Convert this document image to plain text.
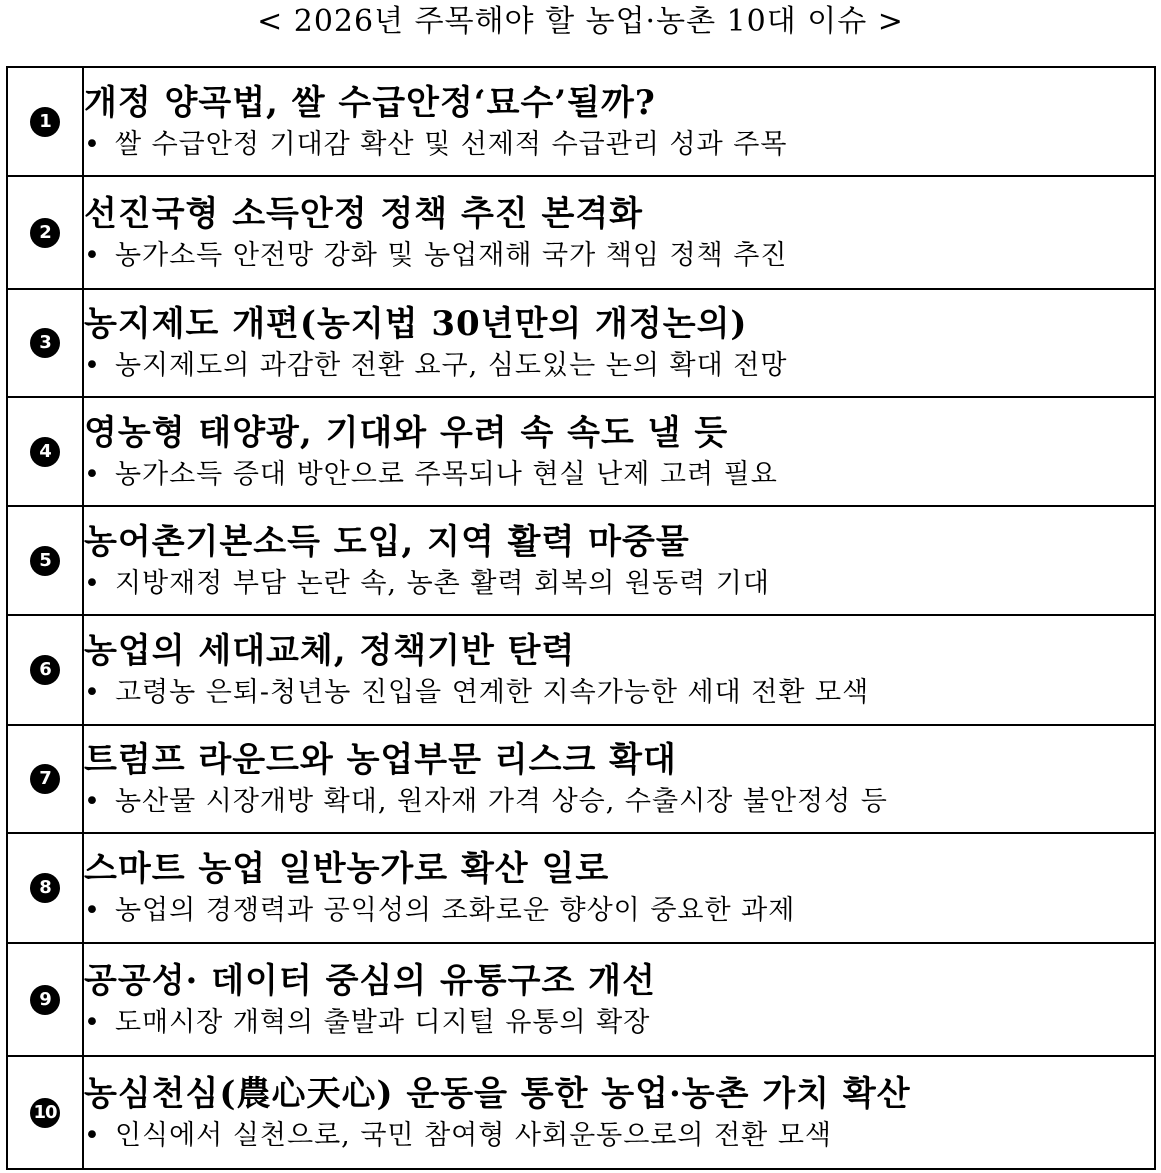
< 2026년 주목해야 할 농업·농촌 10대 이슈 >
1	개정 양곡법, 쌀 수급안정‘묘수’될까?
• 쌀 수급안정 기대감 확산 및 선제적 수급관리 성과 주목

2	선진국형 소득안정 정책 추진 본격화
• 농가소득 안전망 강화 및 농업재해 국가 책임 정책 추진

3	농지제도 개편(농지법 30년만의 개정논의)
• 농지제도의 과감한 전환 요구, 심도있는 논의 확대 전망

4	영농형 태양광, 기대와 우려 속 속도 낼 듯
• 농가소득 증대 방안으로 주목되나 현실 난제 고려 필요

5	농어촌기본소득 도입, 지역 활력 마중물
• 지방재정 부담 논란 속, 농촌 활력 회복의 원동력 기대

6	농업의 세대교체, 정책기반 탄력
• 고령농 은퇴-청년농 진입을 연계한 지속가능한 세대 전환 모색

7	트럼프 라운드와 농업부문 리스크 확대
• 농산물 시장개방 확대, 원자재 가격 상승, 수출시장 불안정성 등

8	스마트 농업 일반농가로 확산 일로
• 농업의 경쟁력과 공익성의 조화로운 향상이 중요한 과제

9	공공성· 데이터 중심의 유통구조 개선
• 도매시장 개혁의 출발과 디지털 유통의 확장

10	농심천심(農心天心) 운동을 통한 농업·농촌 가치 확산
• 인식에서 실천으로, 국민 참여형 사회운동으로의 전환 모색
